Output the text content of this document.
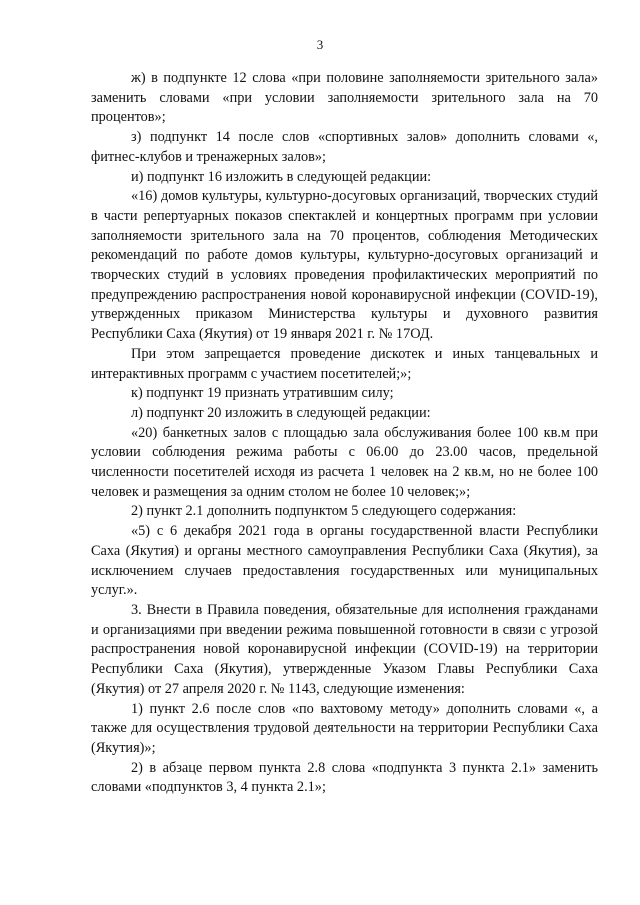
3

ж) в подпункте 12 слова «при половине заполняемости зрительного зала» заменить словами «при условии заполняемости зрительного зала на 70 процентов»;

з) подпункт 14 после слов «спортивных залов» дополнить словами «, фитнес-клубов и тренажерных залов»;

и) подпункт 16 изложить в следующей редакции:

«16) домов культуры, культурно-досуговых организаций, творческих студий в части репертуарных показов спектаклей и концертных программ при условии заполняемости зрительного зала на 70 процентов, соблюдения Методических рекомендаций по работе домов культуры, культурно-досуговых организаций и творческих студий в условиях проведения профилактических мероприятий по предупреждению распространения новой коронавирусной инфекции (COVID-19), утвержденных приказом Министерства культуры и духовного развития Республики Саха (Якутия) от 19 января 2021 г. № 17ОД.

При этом запрещается проведение дискотек и иных танцевальных и интерактивных программ с участием посетителей;»;

к) подпункт 19 признать утратившим силу;

л) подпункт 20 изложить в следующей редакции:

«20) банкетных залов с площадью зала обслуживания более 100 кв.м при условии соблюдения режима работы с 06.00 до 23.00 часов, предельной численности посетителей исходя из расчета 1 человек на 2 кв.м, но не более 100 человек и размещения за одним столом не более 10 человек;»;

2) пункт 2.1 дополнить подпунктом 5 следующего содержания:

«5) с 6 декабря 2021 года в органы государственной власти Республики Саха (Якутия) и органы местного самоуправления Республики Саха (Якутия), за исключением случаев предоставления государственных или муниципальных услуг.».

3. Внести в Правила поведения, обязательные для исполнения гражданами и организациями при введении режима повышенной готовности в связи с угрозой распространения новой коронавирусной инфекции (COVID-19) на территории Республики Саха (Якутия), утвержденные Указом Главы Республики Саха (Якутия) от 27 апреля 2020 г. № 1143, следующие изменения:

1) пункт 2.6 после слов «по вахтовому методу» дополнить словами «, а также для осуществления трудовой деятельности на территории Республики Саха (Якутия)»;

2) в абзаце первом пункта 2.8 слова «подпункта 3 пункта 2.1» заменить словами «подпунктов 3, 4 пункта 2.1»;
